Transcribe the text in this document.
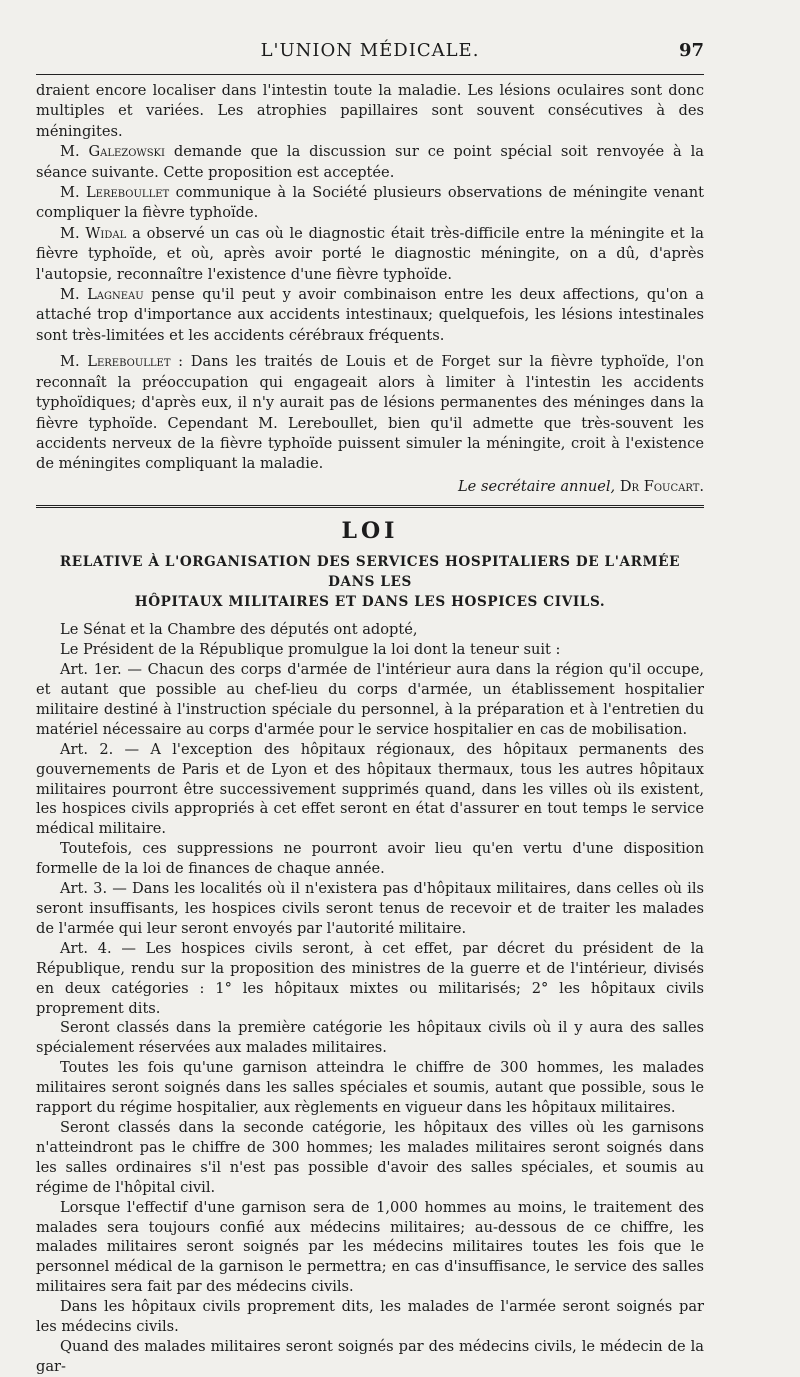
L'UNION MÉDICALE.	97

draient encore localiser dans l'intestin toute la maladie. Les lésions oculaires sont donc multiples et variées. Les atrophies papillaires sont souvent consécutives à des méningites.

M. Galezowski demande que la discussion sur ce point spécial soit renvoyée à la séance suivante. Cette proposition est acceptée.

M. Lereboullet communique à la Société plusieurs observations de méningite venant compliquer la fièvre typhoïde.

M. Widal a observé un cas où le diagnostic était très-difficile entre la méningite et la fièvre typhoïde, et où, après avoir porté le diagnostic méningite, on a dû, d'après l'autopsie, reconnaître l'existence d'une fièvre typhoïde.

M. Lagneau pense qu'il peut y avoir combinaison entre les deux affections, qu'on a attaché trop d'importance aux accidents intestinaux; quelquefois, les lésions intestinales sont très-limitées et les accidents cérébraux fréquents.

M. Lereboullet : Dans les traités de Louis et de Forget sur la fièvre typhoïde, l'on reconnaît la préoccupation qui engageait alors à limiter à l'intestin les accidents typhoïdiques; d'après eux, il n'y aurait pas de lésions permanentes des méninges dans la fièvre typhoïde. Cependant M. Lereboullet, bien qu'il admette que très-souvent les accidents nerveux de la fièvre typhoïde puissent simuler la méningite, croit à l'existence de méningites compliquant la maladie.

Le secrétaire annuel, Dr Foucart.
LOI
RELATIVE À L'ORGANISATION DES SERVICES HOSPITALIERS DE L'ARMÉE DANS LES
HÔPITAUX MILITAIRES ET DANS LES HOSPICES CIVILS.

Le Sénat et la Chambre des députés ont adopté,

Le Président de la République promulgue la loi dont la teneur suit :

Art. 1er. — Chacun des corps d'armée de l'intérieur aura dans la région qu'il occupe, et autant que possible au chef-lieu du corps d'armée, un établissement hospitalier militaire destiné à l'instruction spéciale du personnel, à la préparation et à l'entretien du matériel nécessaire au corps d'armée pour le service hospitalier en cas de mobilisation.

Art. 2. — A l'exception des hôpitaux régionaux, des hôpitaux permanents des gouvernements de Paris et de Lyon et des hôpitaux thermaux, tous les autres hôpitaux militaires pourront être successivement supprimés quand, dans les villes où ils existent, les hospices civils appropriés à cet effet seront en état d'assurer en tout temps le service médical militaire.

Toutefois, ces suppressions ne pourront avoir lieu qu'en vertu d'une disposition formelle de la loi de finances de chaque année.

Art. 3. — Dans les localités où il n'existera pas d'hôpitaux militaires, dans celles où ils seront insuffisants, les hospices civils seront tenus de recevoir et de traiter les malades de l'armée qui leur seront envoyés par l'autorité militaire.

Art. 4. — Les hospices civils seront, à cet effet, par décret du président de la République, rendu sur la proposition des ministres de la guerre et de l'intérieur, divisés en deux catégories : 1° les hôpitaux mixtes ou militarisés; 2° les hôpitaux civils proprement dits.

Seront classés dans la première catégorie les hôpitaux civils où il y aura des salles spécialement réservées aux malades militaires.

Toutes les fois qu'une garnison atteindra le chiffre de 300 hommes, les malades militaires seront soignés dans les salles spéciales et soumis, autant que possible, sous le rapport du régime hospitalier, aux règlements en vigueur dans les hôpitaux militaires.

Seront classés dans la seconde catégorie, les hôpitaux des villes où les garnisons n'atteindront pas le chiffre de 300 hommes; les malades militaires seront soignés dans les salles ordinaires s'il n'est pas possible d'avoir des salles spéciales, et soumis au régime de l'hôpital civil.

Lorsque l'effectif d'une garnison sera de 1,000 hommes au moins, le traitement des malades sera toujours confié aux médecins militaires; au-dessous de ce chiffre, les malades militaires seront soignés par les médecins militaires toutes les fois que le personnel médical de la garnison le permettra; en cas d'insuffisance, le service des salles militaires sera fait par des médecins civils.

Dans les hôpitaux civils proprement dits, les malades de l'armée seront soignés par les médecins civils.

Quand des malades militaires seront soignés par des médecins civils, le médecin de la gar-
